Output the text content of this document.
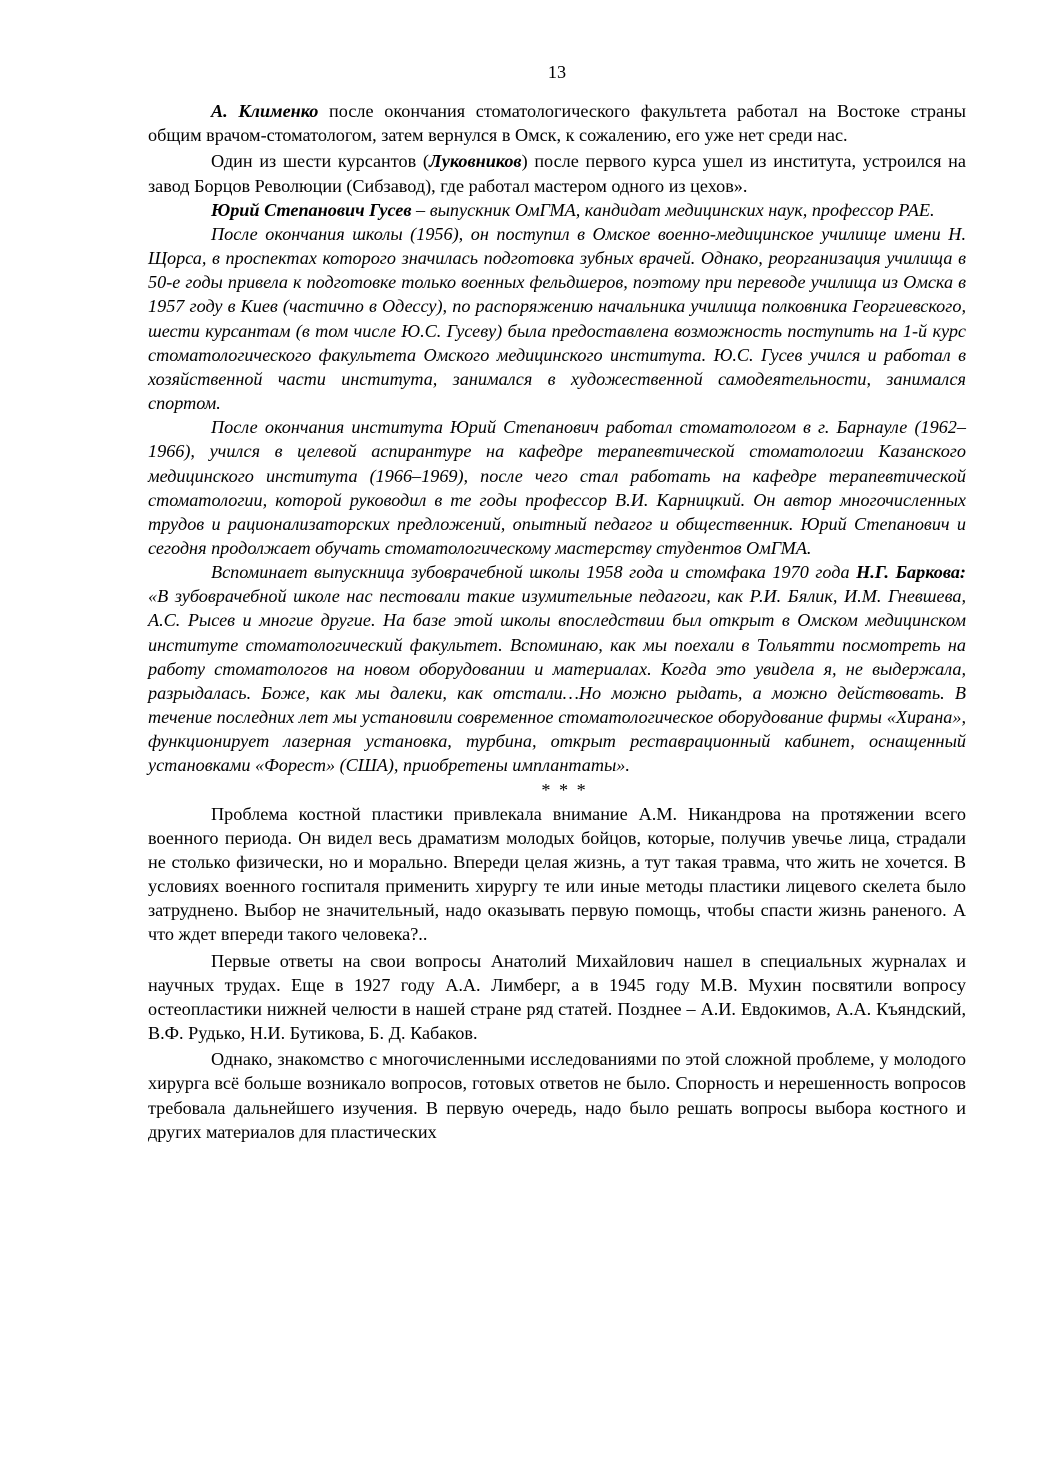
13

А. Клименко после окончания стоматологического факультета работал на Востоке страны общим врачом-стоматологом, затем вернулся в Омск, к сожалению, его уже нет среди нас.

Один из шести курсантов (Луковников) после первого курса ушел из института, устроился на завод Борцов Революции (Сибзавод), где работал мастером одного из цехов».

Юрий Степанович Гусев – выпускник ОмГМА, кандидат медицинских наук, профессор РАЕ.

После окончания школы (1956), он поступил в Омское военно-медицинское училище имени Н. Щорса, в проспектах которого значилась подготовка зубных врачей. Однако, реорганизация училища в 50-е годы привела к подготовке только военных фельдшеров, поэтому при переводе училища из Омска в 1957 году в Киев (частично в Одессу), по распоряжению начальника училища полковника Георгиевского, шести курсантам (в том числе Ю.С. Гусеву) была предоставлена возможность поступить на 1-й курс стоматологического факультета Омского медицинского института. Ю.С. Гусев учился и работал в хозяйственной части института, занимался в художественной самодеятельности, занимался спортом.

После окончания института Юрий Степанович работал стоматологом в г. Барнауле (1962–1966), учился в целевой аспирантуре на кафедре терапевтической стоматологии Казанского медицинского института (1966–1969), после чего стал работать на кафедре терапевтической стоматологии, которой руководил в те годы профессор В.И. Карницкий. Он автор многочисленных трудов и рационализаторских предложений, опытный педагог и общественник. Юрий Степанович и сегодня продолжает обучать стоматологическому мастерству студентов ОмГМА.

Вспоминает выпускница зубоврачебной школы 1958 года и стомфака 1970 года Н.Г. Баркова: «В зубоврачебной школе нас пестовали такие изумительные педагоги, как Р.И. Бялик, И.М. Гневшева, А.С. Рысев и многие другие. На базе этой школы впоследствии был открыт в Омском медицинском институте стоматологический факультет. Вспоминаю, как мы поехали в Тольятти посмотреть на работу стоматологов на новом оборудовании и материалах. Когда это увидела я, не выдержала, разрыдалась. Боже, как мы далеки, как отстали…Но можно рыдать, а можно действовать. В течение последних лет мы установили современное стоматологическое оборудование фирмы «Хирана», функционирует лазерная установка, турбина, открыт реставрационный кабинет, оснащенный установками «Форест» (США), приобретены имплантаты».

* * *

Проблема костной пластики привлекала внимание А.М. Никандрова на протяжении всего военного периода. Он видел весь драматизм молодых бойцов, которые, получив увечье лица, страдали не столько физически, но и морально. Впереди целая жизнь, а тут такая травма, что жить не хочется. В условиях военного госпиталя применить хирургу те или иные методы пластики лицевого скелета было затруднено. Выбор не значительный, надо оказывать первую помощь, чтобы спасти жизнь раненого. А что ждет впереди такого человека?..

Первые ответы на свои вопросы Анатолий Михайлович нашел в специальных журналах и научных трудах. Еще в 1927 году А.А. Лимберг, а в 1945 году М.В. Мухин посвятили вопросу остеопластики нижней челюсти в нашей стране ряд статей. Позднее – А.И. Евдокимов, А.А. Къяндский, В.Ф. Рудько, Н.И. Бутикова, Б. Д. Кабаков.

Однако, знакомство с многочисленными исследованиями по этой сложной проблеме, у молодого хирурга всё больше возникало вопросов, готовых ответов не было. Спорность и нерешенность вопросов требовала дальнейшего изучения. В первую очередь, надо было решать вопросы выбора костного и других материалов для пластических
